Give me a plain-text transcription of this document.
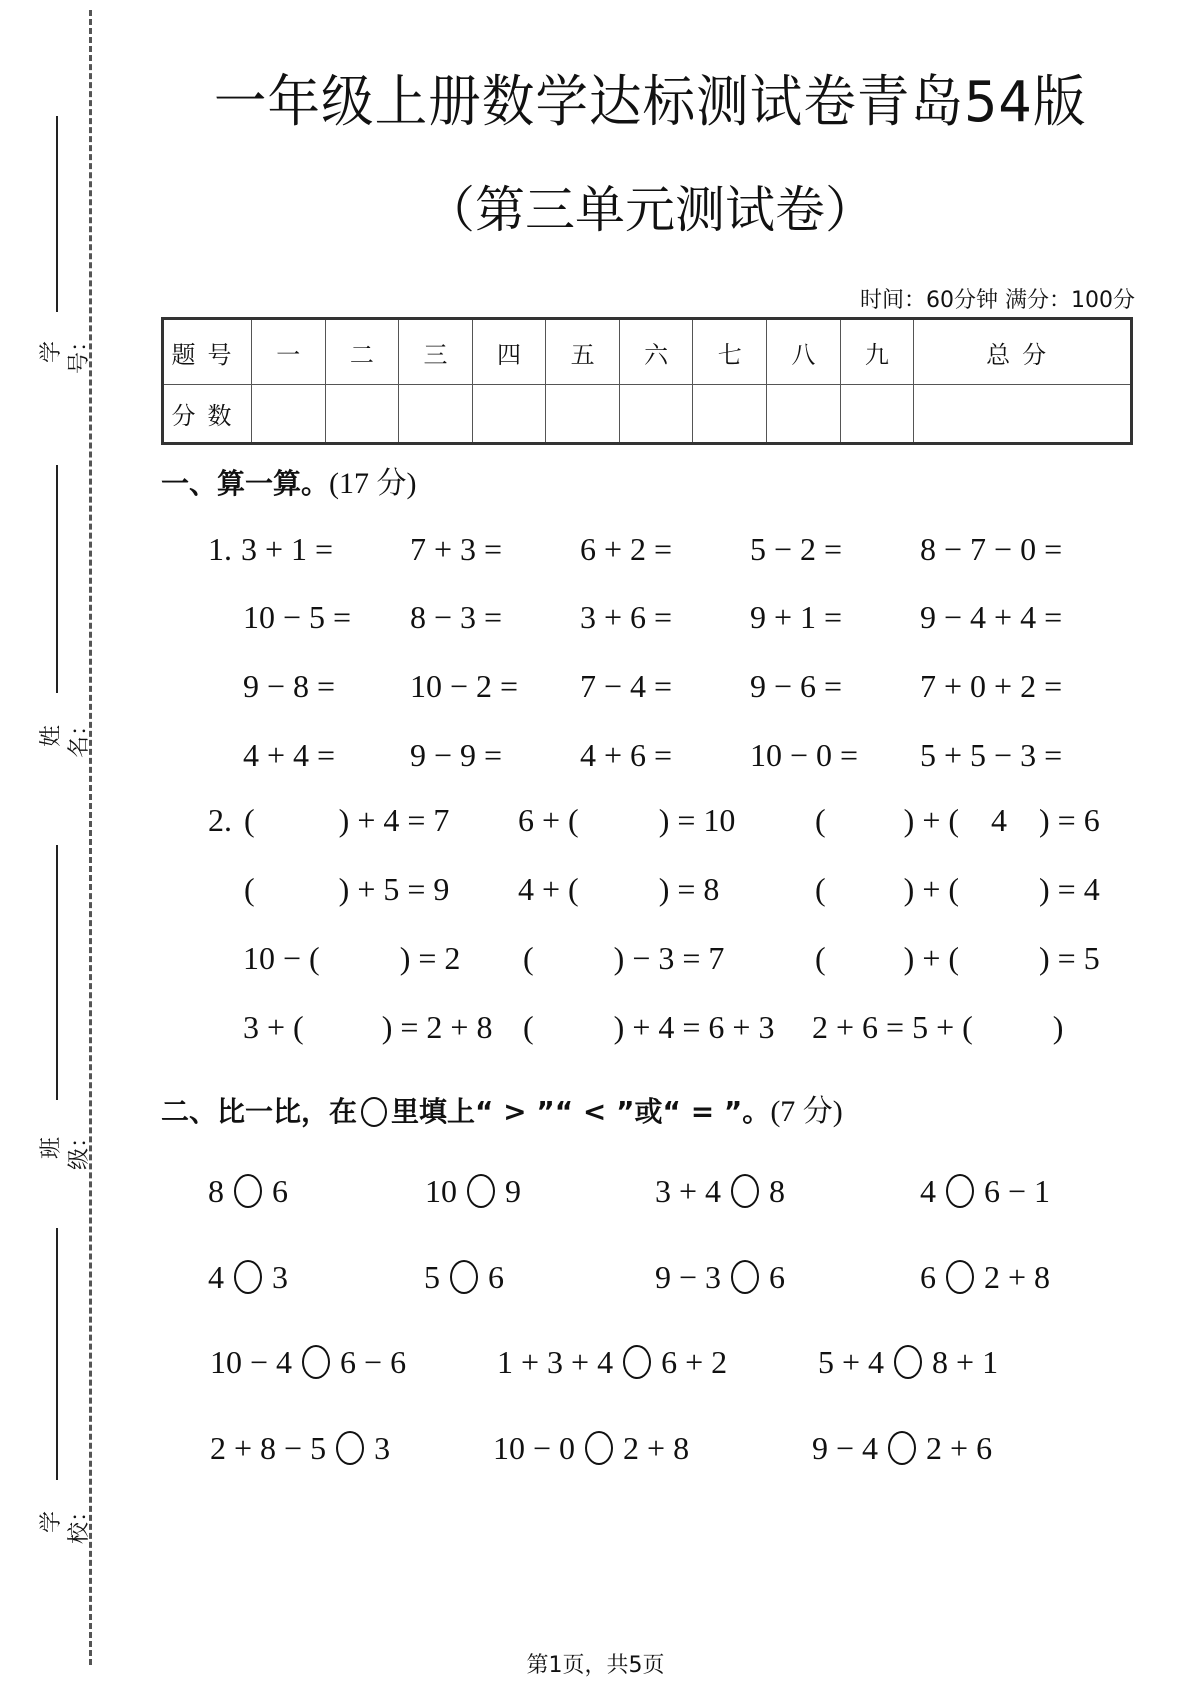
学号：
姓名：
班级：
学校：
一年级上册数学达标测试卷青岛54版
（第三单元测试卷）
时间：60分钟 满分：100分
题号	一	二	三	四	五	六	七	八	九	总分
分数										
一、算一算。(17 分)
1. 3 + 1 = 7 + 3 = 6 + 2 = 5 − 2 = 8 − 7 − 0 =
10 − 5 = 8 − 3 = 3 + 6 = 9 + 1 = 9 − 4 + 4 =
9 − 8 = 10 − 2 = 7 − 4 = 9 − 6 = 7 + 0 + 2 =
4 + 4 = 9 − 9 = 4 + 6 = 10 − 0 = 5 + 5 − 3 =
2. (	) + 4 = 7 6 + (	) = 10 ( ) + ( 4 ) = 6
(	) + 5 = 9 4 + (	) = 8	( ) + (	) = 4
10 − (	) = 2 (	) − 3 = 7	( ) + (	) = 5
3 + ( ) = 2 + 8 (	) + 4 = 6 + 3 2 + 6 = 5 + (	)
二、比一比，在 里填上“ > ”“ < ”或“ = ”。(7 分)
8 6	10 9	3 + 4 8	4 6 − 1
4 3	5 6	9 − 3 6	6 2 + 8
10 − 4 6 − 6	1 + 3 + 4 6 + 2	5 + 4 8 + 1
2 + 8 − 5 3	10 − 0 2 + 8	9 − 4 2 + 6
第1页，共5页
